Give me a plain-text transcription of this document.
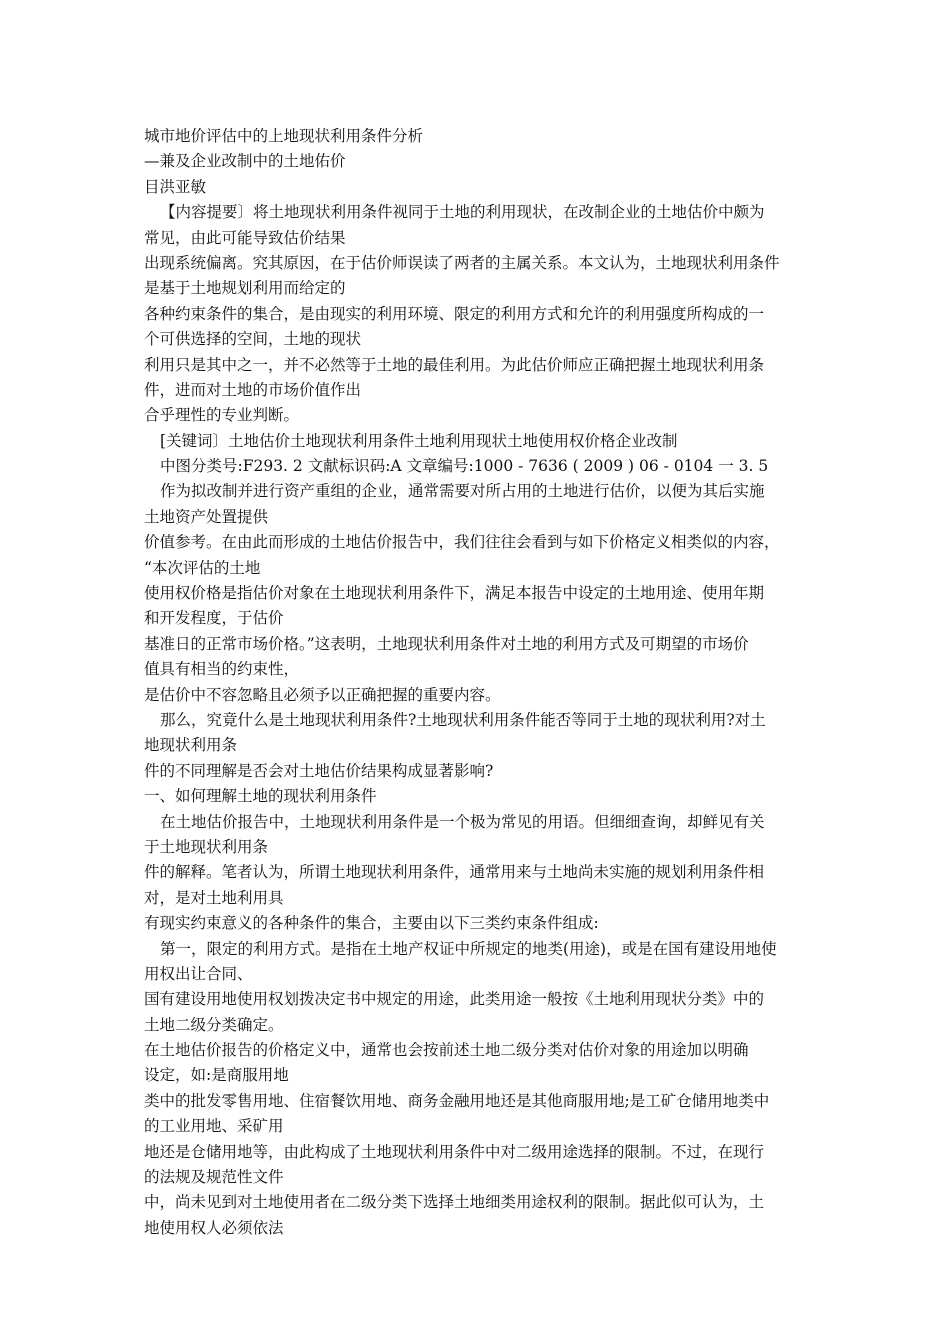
城市地价评估中的上地现状利用条件分析
—兼及企业改制中的土地佑价
目洪亚敏
【内容提要〕将土地现状利用条件视同于土地的利用现状，在改制企业的土地估价中颇为
常见，由此可能导致估价结果
出现系统偏离。究其原因，在于估价师误读了两者的主属关系。本文认为，土地现状利用条件
是基于土地规划利用而给定的
各种约束条件的集合，是由现实的利用环境、限定的利用方式和允许的利用强度所构成的一
个可供选择的空间，土地的现状
利用只是其中之一，并不必然等于土地的最佳利用。为此估价师应正确把握土地现状利用条
件，进而对土地的市场价值作出
合乎理性的专业判断。
[关键词〕土地估价土地现状利用条件土地利用现状土地使用权价格企业改制
中图分类号:F293. 2 文献标识码:A 文章编号:1000 - 7636 ( 2009 ) 06 - 0104 一 3. 5
作为拟改制并进行资产重组的企业，通常需要对所占用的土地进行估价，以便为其后实施
土地资产处置提供
价值参考。在由此而形成的土地估价报告中，我们往往会看到与如下价格定义相类似的内容，
“本次评估的土地
使用权价格是指估价对象在土地现状利用条件下，满足本报告中设定的土地用途、使用年期
和开发程度，于估价
基准日的正常市场价格。”这表明，土地现状利用条件对土地的利用方式及可期望的市场价
值具有相当的约束性，
是估价中不容忽略且必须予以正确把握的重要内容。
那么，究竟什么是土地现状利用条件?土地现状利用条件能否等同于土地的现状利用?对土
地现状利用条
件的不同理解是否会对土地估价结果构成显著影响?
一、如何理解土地的现状利用条件
在土地估价报告中，土地现状利用条件是一个极为常见的用语。但细细查询，却鲜见有关
于土地现状利用条
件的解释。笔者认为，所谓土地现状利用条件，通常用来与土地尚未实施的规划利用条件相
对，是对土地利用具
有现实约束意义的各种条件的集合，主要由以下三类约束条件组成:
第一，限定的利用方式。是指在土地产权证中所规定的地类(用途)，或是在国有建设用地使
用权出让合同、
国有建设用地使用权划拨决定书中规定的用途，此类用途一般按《土地利用现状分类》中的
土地二级分类确定。
在土地估价报告的价格定义中，通常也会按前述土地二级分类对估价对象的用途加以明确
设定，如:是商服用地
类中的批发零售用地、住宿餐饮用地、商务金融用地还是其他商服用地;是工矿仓储用地类中
的工业用地、采矿用
地还是仓储用地等，由此构成了土地现状利用条件中对二级用途选择的限制。不过，在现行
的法规及规范性文件
中，尚未见到对土地使用者在二级分类下选择土地细类用途权利的限制。据此似可认为，土
地使用权人必须依法
